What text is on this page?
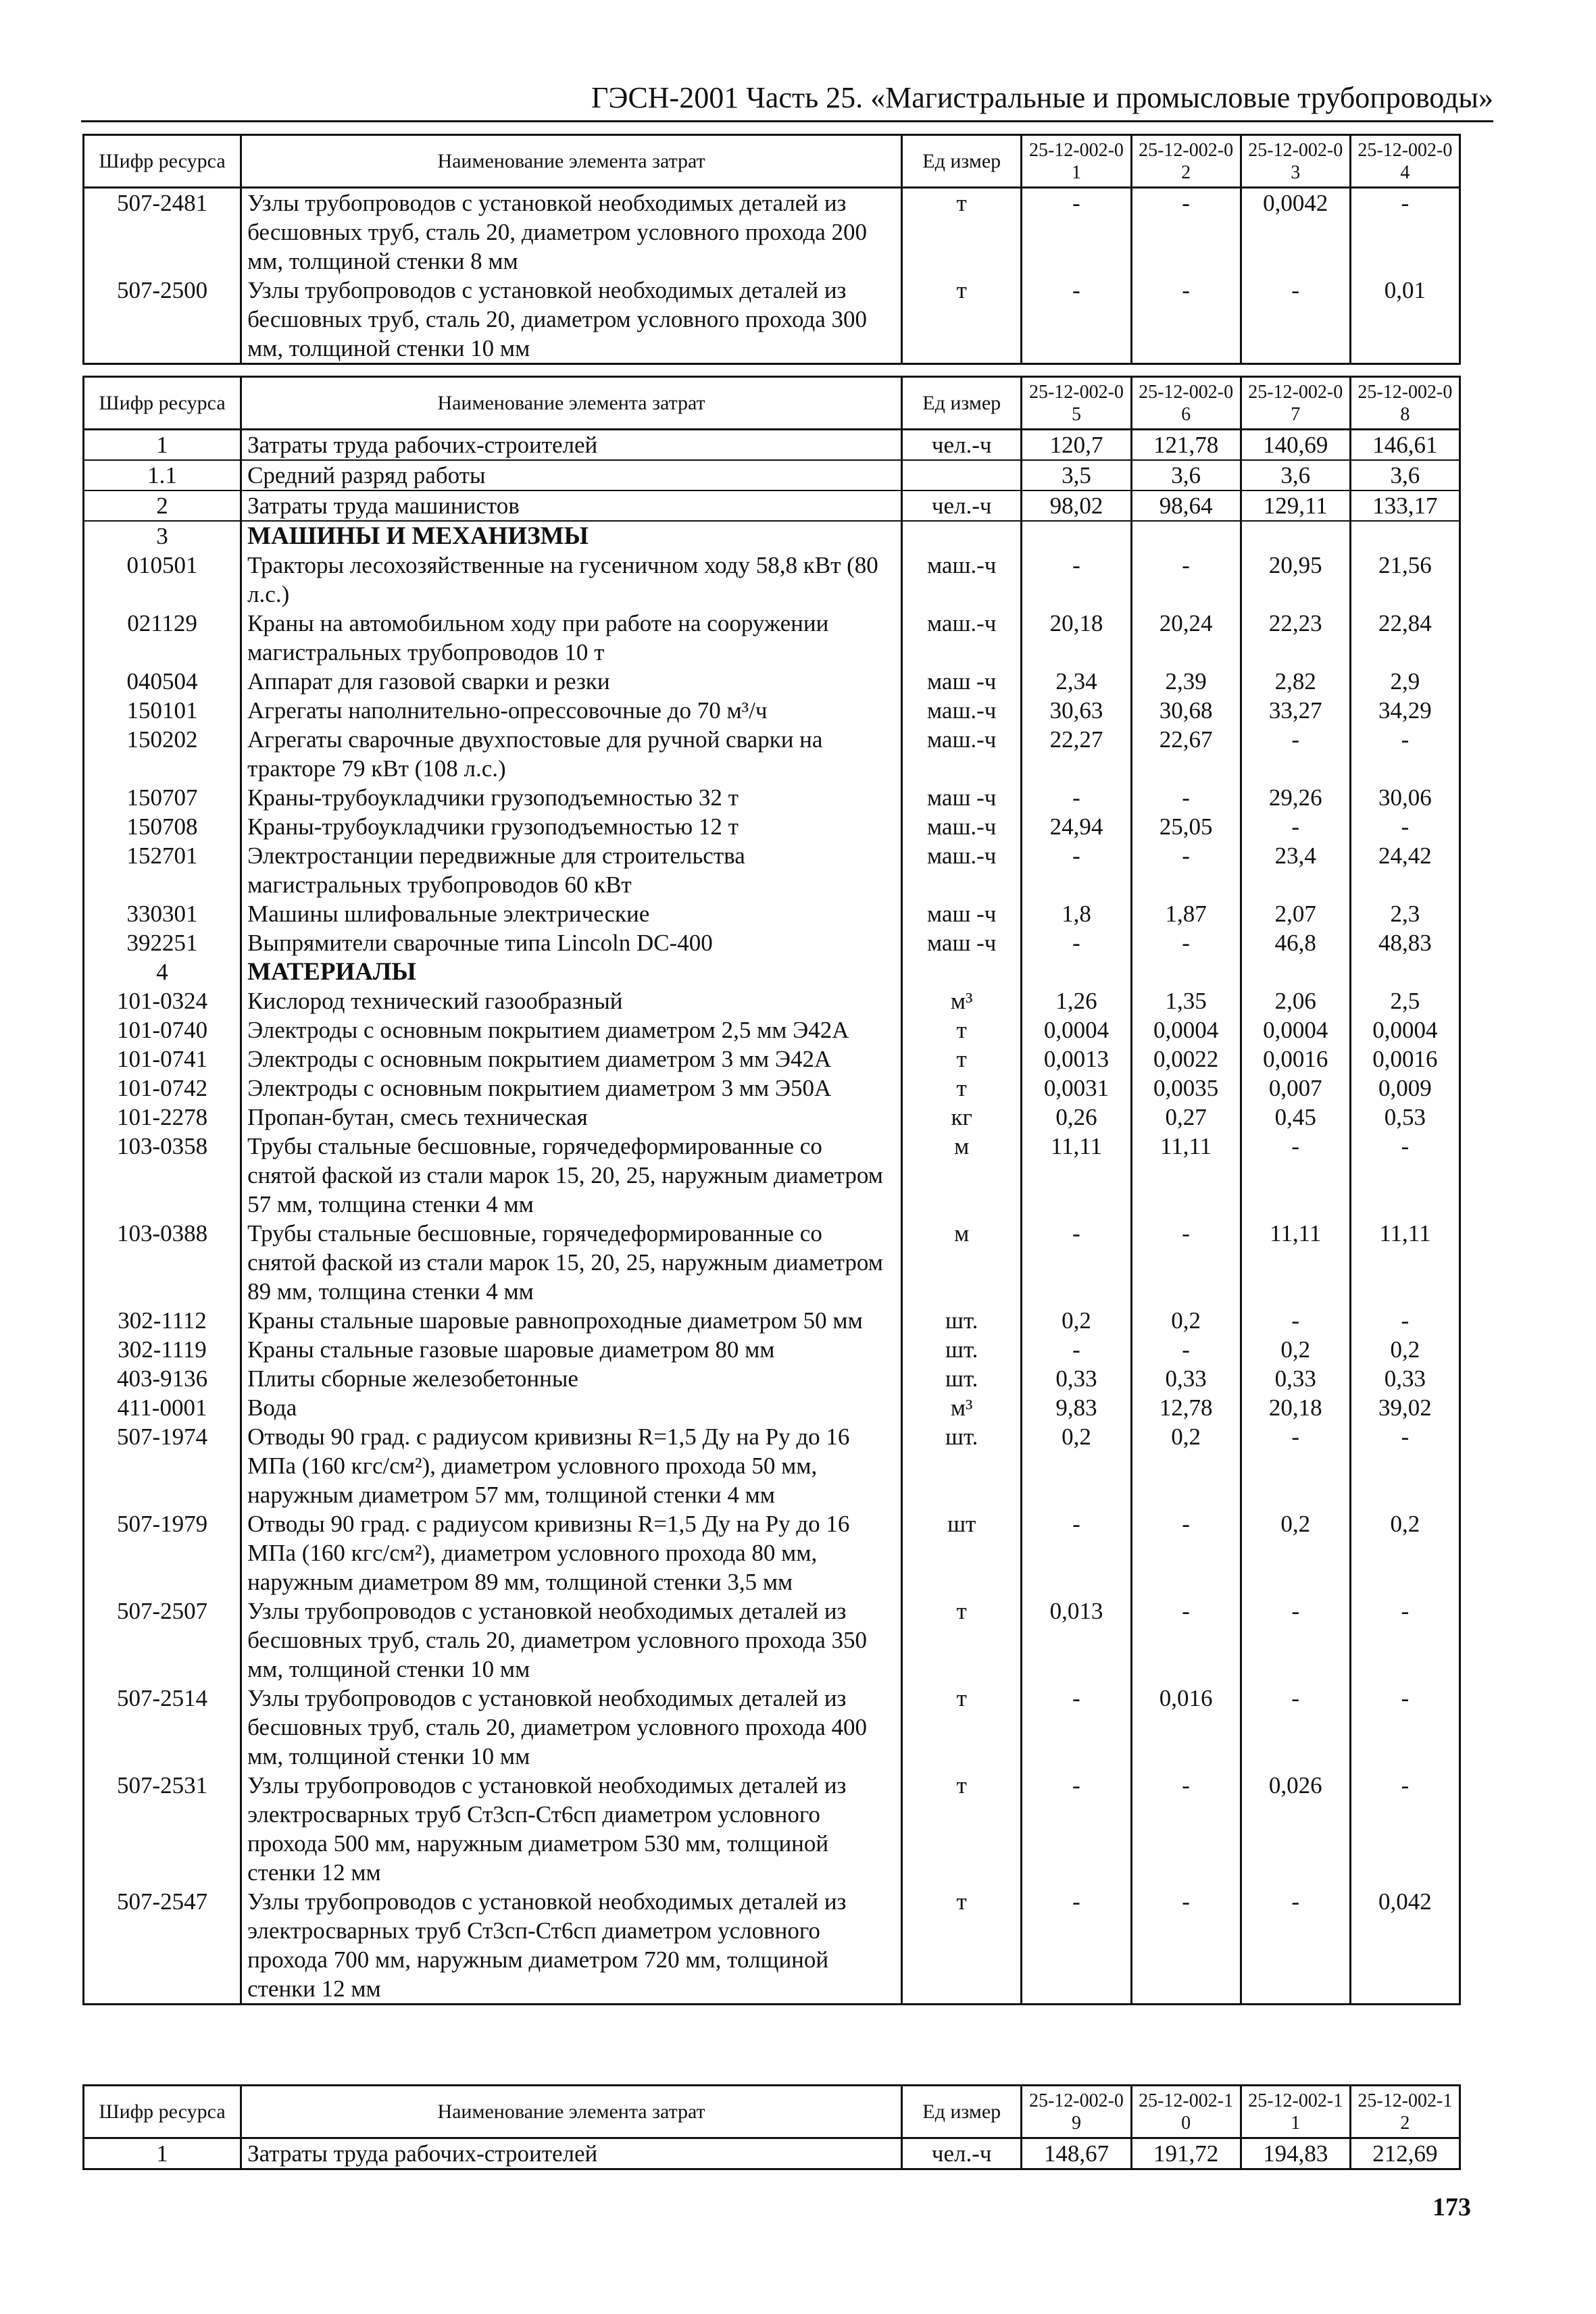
ГЭСН-2001 Часть 25. «Магистральные и промысловые трубопроводы»
Шифр ресурса	Наименование элемента затрат	Ед измер	25-12-002-01	25-12-002-02	25-12-002-03	25-12-002-04
507-2481	Узлы трубопроводов с установкой необходимых деталей из бесшовных труб, сталь 20, диаметром условного прохода 200 мм, толщиной стенки 8 мм	т	-	-	0,0042	-
507-2500	Узлы трубопроводов с установкой необходимых деталей из бесшовных труб, сталь 20, диаметром условного прохода 300 мм, толщиной стенки 10 мм	т	-	-	-	0,01
Шифр ресурса	Наименование элемента затрат	Ед измер	25-12-002-05	25-12-002-06	25-12-002-07	25-12-002-08
1	Затраты труда рабочих-строителей	чел.-ч	120,7	121,78	140,69	146,61
1.1	Средний разряд работы		3,5	3,6	3,6	3,6
2	Затраты труда машинистов	чел.-ч	98,02	98,64	129,11	133,17
3	МАШИНЫ И МЕХАНИЗМЫ					
010501	Тракторы лесохозяйственные на гусеничном ходу 58,8 кВт (80 л.с.)	маш.-ч	-	-	20,95	21,56
021129	Краны на автомобильном ходу при работе на сооружении магистральных трубопроводов 10 т	маш.-ч	20,18	20,24	22,23	22,84
040504	Аппарат для газовой сварки и резки	маш -ч	2,34	2,39	2,82	2,9
150101	Агрегаты наполнительно-опрессовочные до 70 м³/ч	маш.-ч	30,63	30,68	33,27	34,29
150202	Агрегаты сварочные двухпостовые для ручной сварки на тракторе 79 кВт (108 л.с.)	маш.-ч	22,27	22,67	-	-
150707	Краны-трубоукладчики грузоподъемностью 32 т	маш -ч	-	-	29,26	30,06
150708	Краны-трубоукладчики грузоподъемностью 12 т	маш.-ч	24,94	25,05	-	-
152701	Электростанции передвижные для строительства магистральных трубопроводов 60 кВт	маш.-ч	-	-	23,4	24,42
330301	Машины шлифовальные электрические	маш -ч	1,8	1,87	2,07	2,3
392251	Выпрямители сварочные типа Lincoln DC-400	маш -ч	-	-	46,8	48,83
4	МАТЕРИАЛЫ					
101-0324	Кислород технический газообразный	м³	1,26	1,35	2,06	2,5
101-0740	Электроды с основным покрытием диаметром 2,5 мм Э42А	т	0,0004	0,0004	0,0004	0,0004
101-0741	Электроды с основным покрытием диаметром 3 мм Э42А	т	0,0013	0,0022	0,0016	0,0016
101-0742	Электроды с основным покрытием диаметром 3 мм Э50А	т	0,0031	0,0035	0,007	0,009
101-2278	Пропан-бутан, смесь техническая	кг	0,26	0,27	0,45	0,53
103-0358	Трубы стальные бесшовные, горячедеформированные со снятой фаской из стали марок 15, 20, 25, наружным диаметром 57 мм, толщина стенки 4 мм	м	11,11	11,11	-	-
103-0388	Трубы стальные бесшовные, горячедеформированные со снятой фаской из стали марок 15, 20, 25, наружным диаметром 89 мм, толщина стенки 4 мм	м	-	-	11,11	11,11
302-1112	Краны стальные шаровые равнопроходные диаметром 50 мм	шт.	0,2	0,2	-	-
302-1119	Краны стальные газовые шаровые диаметром 80 мм	шт.	-	-	0,2	0,2
403-9136	Плиты сборные железобетонные	шт.	0,33	0,33	0,33	0,33
411-0001	Вода	м³	9,83	12,78	20,18	39,02
507-1974	Отводы 90 град. с радиусом кривизны R=1,5 Ду на Ру до 16 МПа (160 кгс/см²), диаметром условного прохода 50 мм, наружным диаметром 57 мм, толщиной стенки 4 мм	шт.	0,2	0,2	-	-
507-1979	Отводы 90 град. с радиусом кривизны R=1,5 Ду на Ру до 16 МПа (160 кгс/см²), диаметром условного прохода 80 мм, наружным диаметром 89 мм, толщиной стенки 3,5 мм	шт	-	-	0,2	0,2
507-2507	Узлы трубопроводов с установкой необходимых деталей из бесшовных труб, сталь 20, диаметром условного прохода 350 мм, толщиной стенки 10 мм	т	0,013	-	-	-
507-2514	Узлы трубопроводов с установкой необходимых деталей из бесшовных труб, сталь 20, диаметром условного прохода 400 мм, толщиной стенки 10 мм	т	-	0,016	-	-
507-2531	Узлы трубопроводов с установкой необходимых деталей из электросварных труб Ст3сп-Ст6сп диаметром условного прохода 500 мм, наружным диаметром 530 мм, толщиной стенки 12 мм	т	-	-	0,026	-
507-2547	Узлы трубопроводов с установкой необходимых деталей из электросварных труб Ст3сп-Ст6сп диаметром условного прохода 700 мм, наружным диаметром 720 мм, толщиной стенки 12 мм	т	-	-	-	0,042
Шифр ресурса	Наименование элемента затрат	Ед измер	25-12-002-09	25-12-002-10	25-12-002-11	25-12-002-12
1	Затраты труда рабочих-строителей	чел.-ч	148,67	191,72	194,83	212,69
173
